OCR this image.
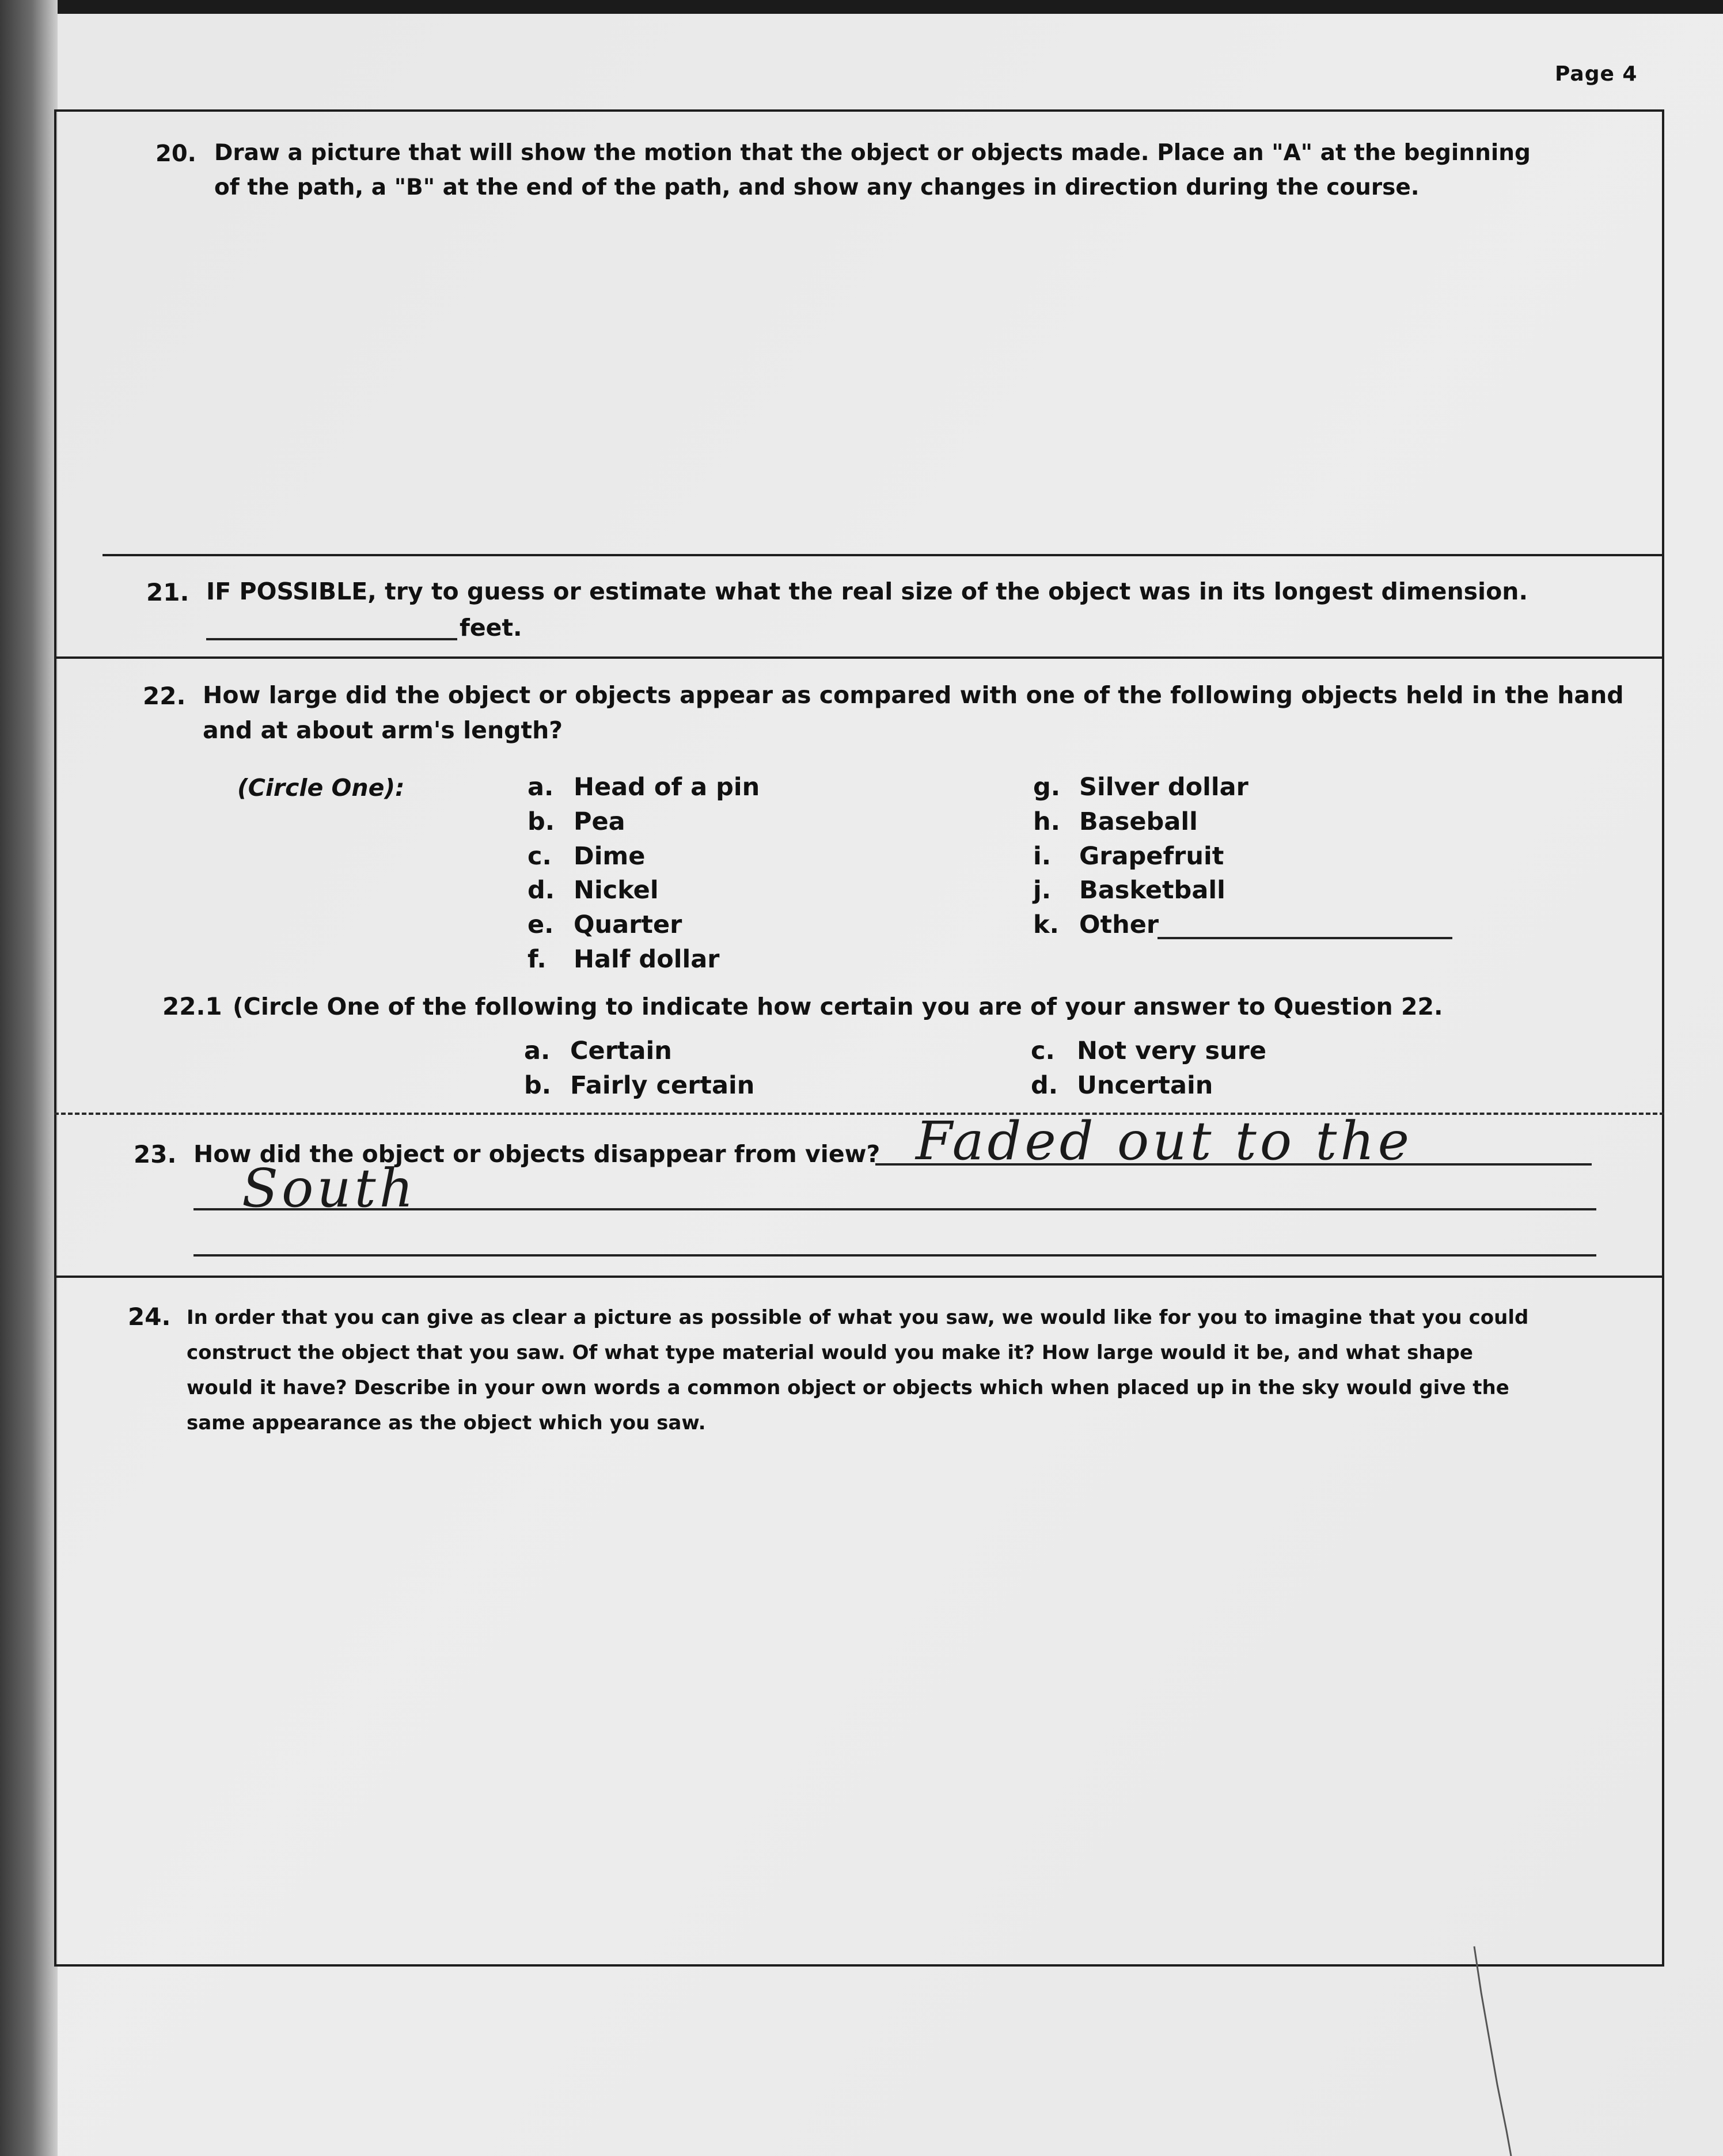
Page 4
20. Draw a picture that will show the motion that the object or objects made. Place an "A" at the beginning
of the path, a "B" at the end of the path, and show any changes in direction during the course.
21. IF POSSIBLE, try to guess or estimate what the real size of the object was in its longest dimension.
feet.
22. How large did the object or objects appear as compared with one of the following objects held in the hand
and at about arm's length?
(Circle One):	a. Head of a pin
b. Pea
c. Dime
d. Nickel
e. Quarter
f. Half dollar
g. Silver dollar
h. Baseball
i. Grapefruit
j. Basketball
k. Other
22.1 (Circle One of the following to indicate how certain you are of your answer to Question 22.
a. Certain
b. Fairly certain
c. Not very sure
d. Uncertain
23. How did the object or objects disappear from view? Faded out to the
South
24. In order that you can give as clear a picture as possible of what you saw, we would like for you to imagine that you could
construct the object that you saw. Of what type material would you make it? How large would it be, and what shape
would it have? Describe in your own words a common object or objects which when placed up in the sky would give the
same appearance as the object which you saw.
